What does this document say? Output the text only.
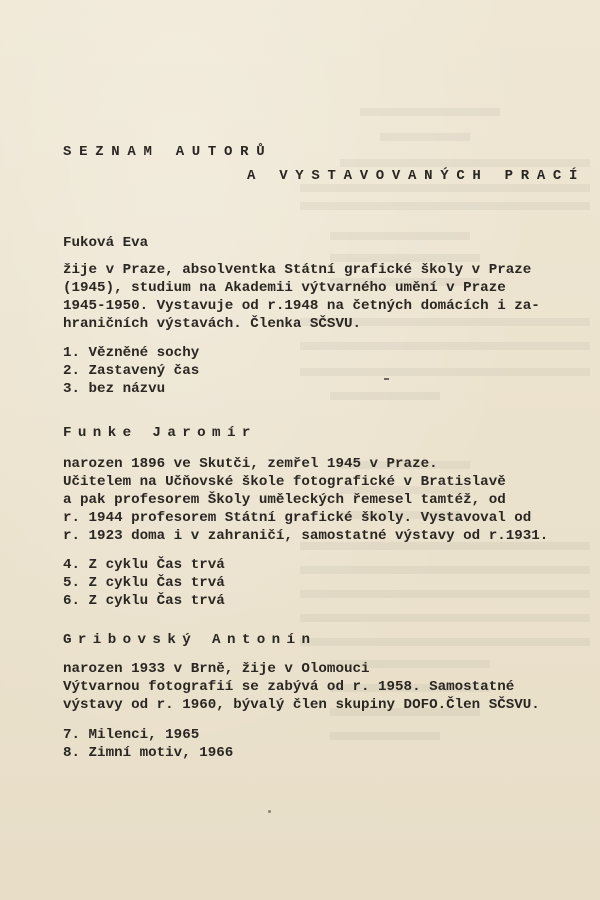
SEZNAM AUTORŮ
A VYSTAVOVANÝCH PRACÍ
Fuková Eva
žije v Praze, absolventka Státní grafické školy v Praze
(1945), studium na Akademii výtvarného umění v Praze
1945-1950. Vystavuje od r.1948 na četných domácích i za-
hraničních výstavách. Členka SČSVU.
1. Vězněné sochy
2. Zastavený čas
3. bez názvu
Funke Jaromír
narozen 1896 ve Skutči, zemřel 1945 v Praze.
Učitelem na Učňovské škole fotografické v Bratislavě
a pak profesorem Školy uměleckých řemesel tamtéž, od
r. 1944 profesorem Státní grafické školy. Vystavoval od
r. 1923 doma i v zahraničí, samostatné výstavy od r.1931.
4. Z cyklu Čas trvá
5. Z cyklu Čas trvá
6. Z cyklu Čas trvá
Gribovský Antonín
narozen 1933 v Brně, žije v Olomouci
Výtvarnou fotografií se zabývá od r. 1958. Samostatné
výstavy od r. 1960, bývalý člen skupiny DOFO.Člen SČSVU.
7. Milenci, 1965
8. Zimní motiv, 1966
